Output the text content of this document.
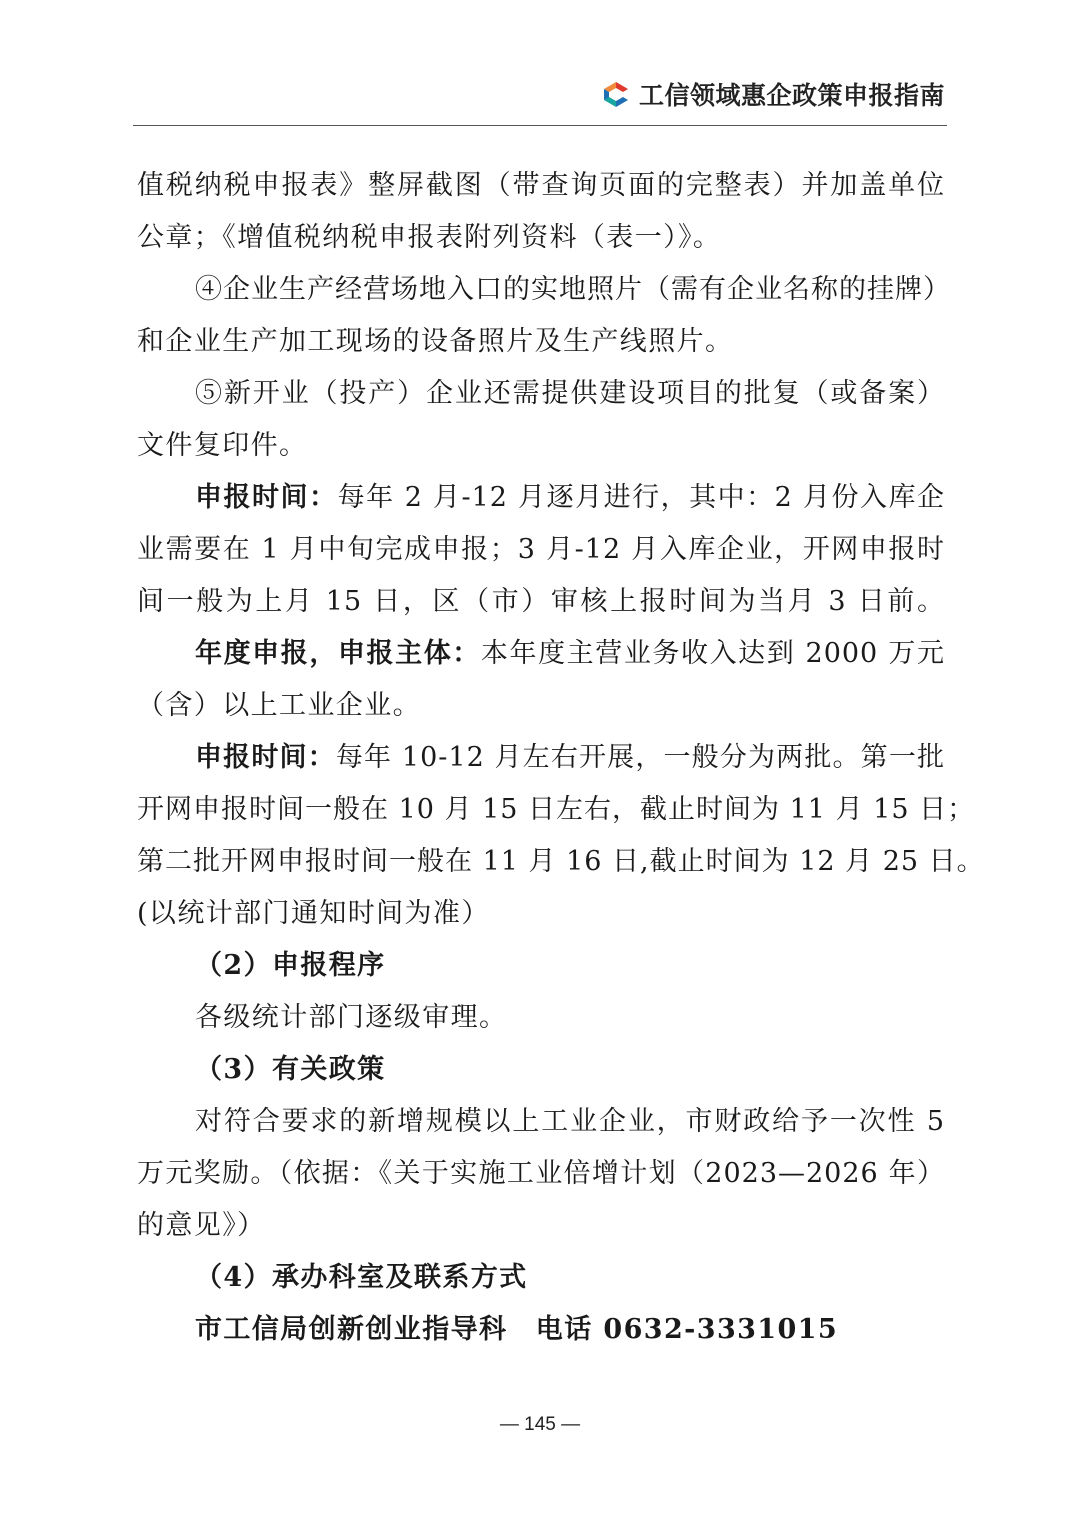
工信领域惠企政策申报指南
值税纳税申报表》整屏截图（带查询页面的完整表）并加盖单位
公章；《增值税纳税申报表附列资料（表一）》。
④企业生产经营场地入口的实地照片（需有企业名称的挂牌）
和企业生产加工现场的设备照片及生产线照片。
⑤新开业（投产）企业还需提供建设项目的批复（或备案）
文件复印件。
申报时间：每年 2 月-12 月逐月进行，其中：2 月份入库企
业需要在 1 月中旬完成申报；3 月-12 月入库企业，开网申报时
间一般为上月 15 日，区（市）审核上报时间为当月 3 日前。
年度申报，申报主体：本年度主营业务收入达到 2000 万元
（含）以上工业企业。
申报时间：每年 10-12 月左右开展，一般分为两批。第一批
开网申报时间一般在 10 月 15 日左右，截止时间为 11 月 15 日；
第二批开网申报时间一般在 11 月 16 日,截止时间为 12 月 25 日。
(以统计部门通知时间为准）
（2）申报程序
各级统计部门逐级审理。
（3）有关政策
对符合要求的新增规模以上工业企业，市财政给予一次性 5
万元奖励。（依据：《关于实施工业倍增计划（2023—2026 年）
的意见》）
（4）承办科室及联系方式
市工信局创新创业指导科　电话 0632-3331015
— 145 —
